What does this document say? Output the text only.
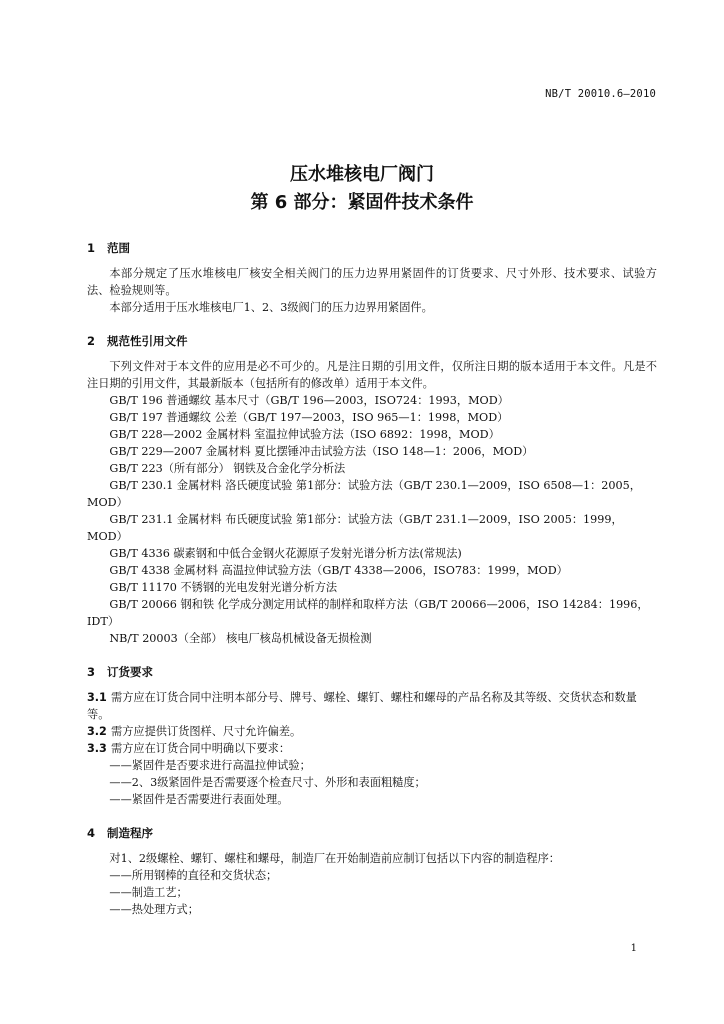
NB/T 20010.6—2010
压水堆核电厂阀门
第 6 部分：紧固件技术条件

1 范围

本部分规定了压水堆核电厂核安全相关阀门的压力边界用紧固件的订货要求、尺寸外形、技术要求、试验方法、检验规则等。

本部分适用于压水堆核电厂1、2、3级阀门的压力边界用紧固件。

2 规范性引用文件

下列文件对于本文件的应用是必不可少的。凡是注日期的引用文件，仅所注日期的版本适用于本文件。凡是不注日期的引用文件，其最新版本（包括所有的修改单）适用于本文件。

GB/T 196 普通螺纹 基本尺寸（GB/T 196—2003，ISO724：1993，MOD）

GB/T 197 普通螺纹 公差（GB/T 197—2003，ISO 965—1：1998，MOD）

GB/T 228—2002 金属材料 室温拉伸试验方法（ISO 6892：1998，MOD）

GB/T 229—2007 金属材料 夏比摆锤冲击试验方法（ISO 148—1：2006，MOD）

GB/T 223（所有部分） 钢铁及合金化学分析法

GB/T 230.1 金属材料 洛氏硬度试验 第1部分：试验方法（GB/T 230.1—2009，ISO 6508—1：2005，MOD）

GB/T 231.1 金属材料 布氏硬度试验 第1部分：试验方法（GB/T 231.1—2009，ISO 2005：1999，MOD）

GB/T 4336 碳素钢和中低合金钢火花源原子发射光谱分析方法(常规法)

GB/T 4338 金属材料 高温拉伸试验方法（GB/T 4338—2006，ISO783：1999，MOD）

GB/T 11170 不锈钢的光电发射光谱分析方法

GB/T 20066 钢和铁 化学成分测定用试样的制样和取样方法（GB/T 20066—2006，ISO 14284：1996，IDT）

NB/T 20003（全部） 核电厂核岛机械设备无损检测

3 订货要求

3.1 需方应在订货合同中注明本部分号、牌号、螺栓、螺钉、螺柱和螺母的产品名称及其等级、交货状态和数量等。

3.2 需方应提供订货图样、尺寸允许偏差。

3.3 需方应在订货合同中明确以下要求：

——紧固件是否要求进行高温拉伸试验；

——2、3级紧固件是否需要逐个检查尺寸、外形和表面粗糙度；

——紧固件是否需要进行表面处理。

4 制造程序

对1、2级螺栓、螺钉、螺柱和螺母，制造厂在开始制造前应制订包括以下内容的制造程序：

——所用钢棒的直径和交货状态；

——制造工艺；

——热处理方式；

1
